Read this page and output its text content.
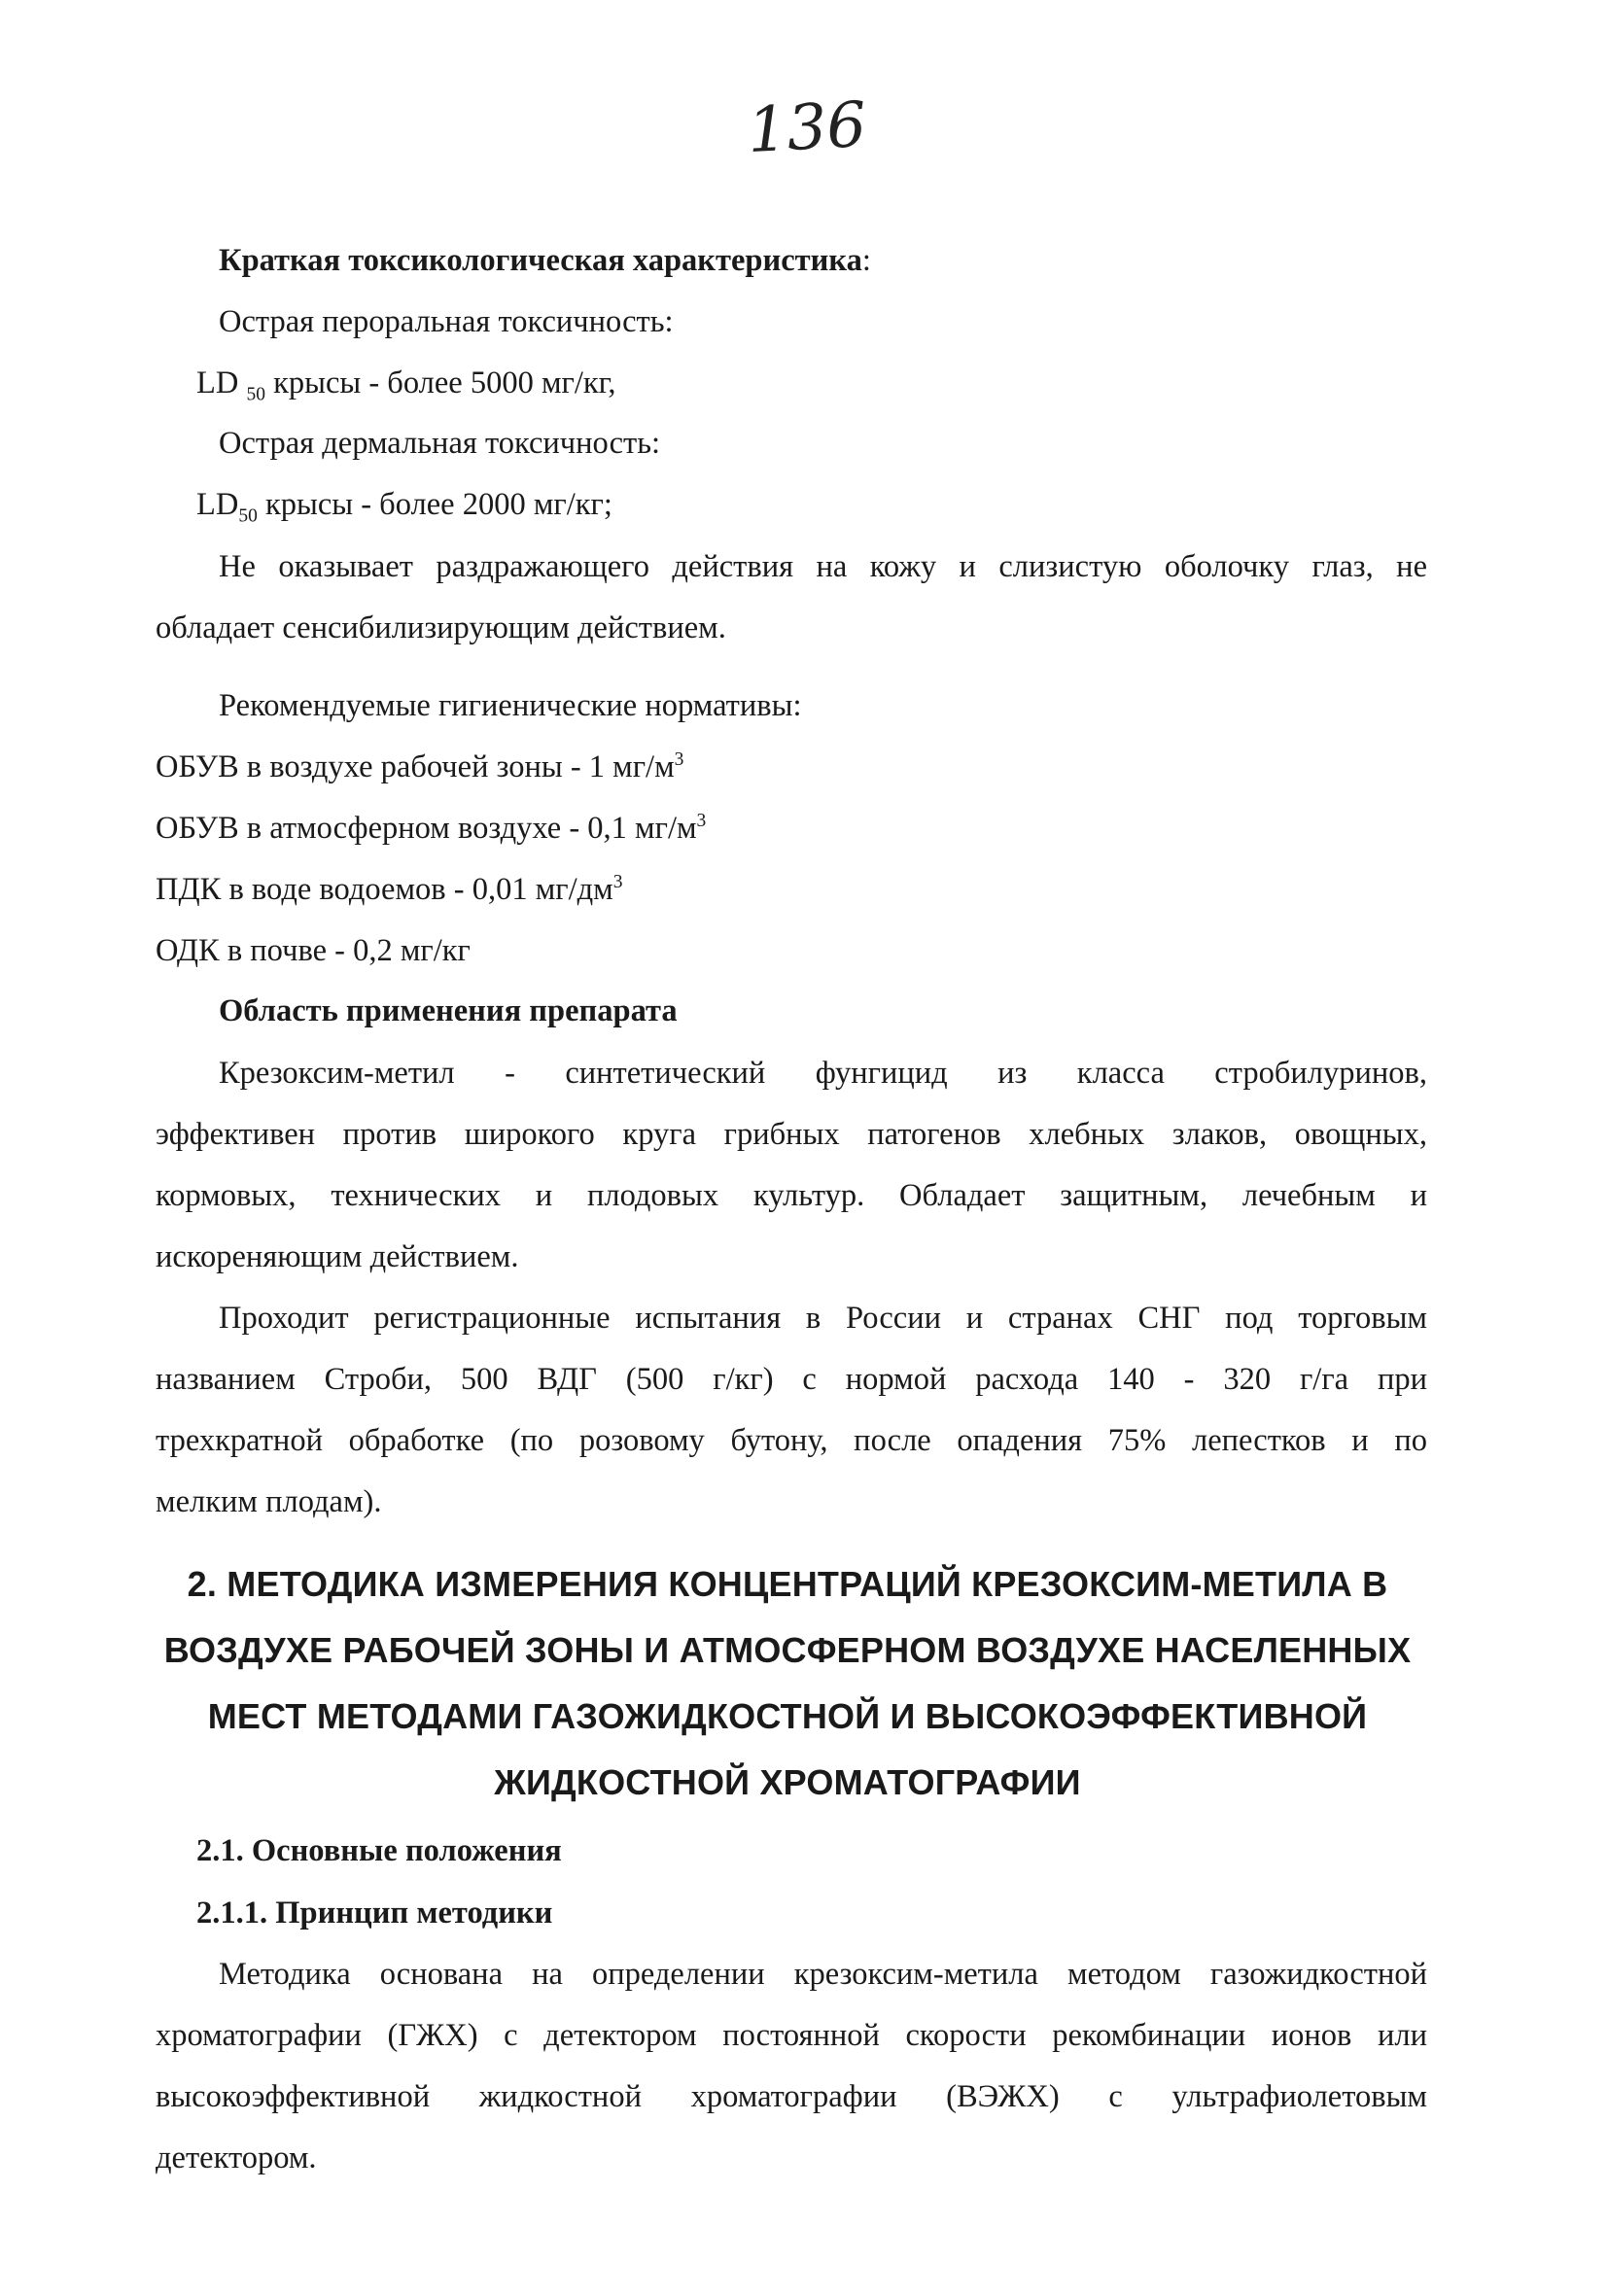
136
Краткая токсикологическая характеристика:
Острая пероральная токсичность:
LD $_{50}$ крысы - более 5000 мг/кг,
Острая дермальная токсичность:
$LD_{50}$ крысы - более 2000 мг/кг;
Не оказывает раздражающего действия на кожу и слизистую оболочку глаз, не
обладает сенсибилизирующим действием.
Рекомендуемые гигиенические нормативы:
ОБУВ в воздухе рабочей зоны - 1 $мг/м^3$
ОБУВ в атмосферном воздухе - 0,1 $мг/м^3$
ПДК в воде водоемов - 0,01 $мг/дм^3$
ОДК в почве - 0,2 мг/кг
Область применения препарата
Крезоксим-метил - синтетический фунгицид из класса стробилуринов,
эффективен против широкого круга грибных патогенов хлебных злаков, овощных,
кормовых, технических и плодовых культур. Обладает защитным, лечебным и
искореняющим действием.
Проходит регистрационные испытания в России и странах СНГ под торговым
названием Строби, 500 ВДГ (500 г/кг) с нормой расхода 140 - 320 г/га при
трехкратной обработке (по розовому бутону, после опадения 75% лепестков и по
мелким плодам).
2. МЕТОДИКА ИЗМЕРЕНИЯ КОНЦЕНТРАЦИЙ КРЕЗОКСИМ-МЕТИЛА В
ВОЗДУХЕ РАБОЧЕЙ ЗОНЫ И АТМОСФЕРНОМ ВОЗДУХЕ НАСЕЛЕННЫХ
МЕСТ МЕТОДАМИ ГАЗОЖИДКОСТНОЙ И ВЫСОКОЭФФЕКТИВНОЙ
ЖИДКОСТНОЙ ХРОМАТОГРАФИИ
2.1. Основные положения
2.1.1. Принцип методики
Методика основана на определении крезоксим-метила методом газожидкостной
хроматографии (ГЖХ) с детектором постоянной скорости рекомбинации ионов или
высокоэффективной жидкостной хроматографии (ВЭЖХ) с ультрафиолетовым
детектором.
